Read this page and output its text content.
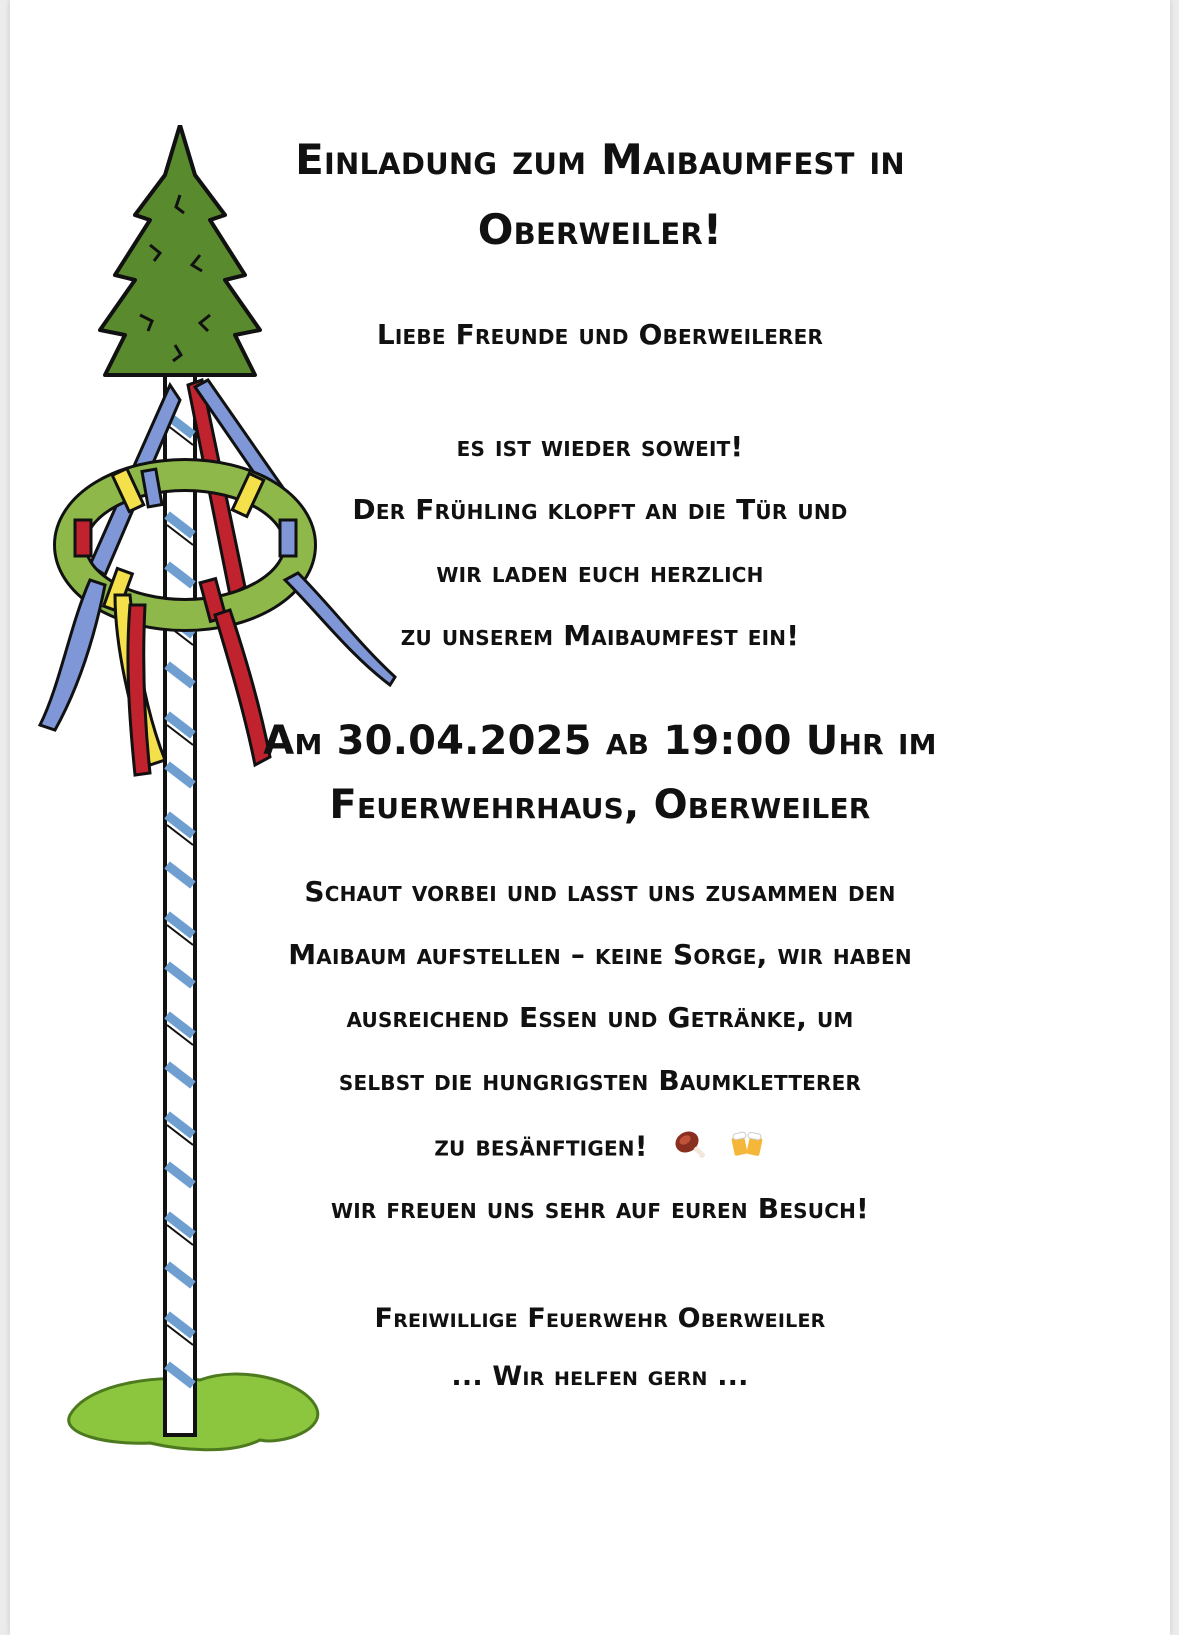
Einladung zum Maibaumfest in
Oberweiler!
Liebe Freunde und Oberweilerer
es ist wieder soweit!
Der Frühling klopft an die Tür und
wir laden euch herzlich
zu unserem Maibaumfest ein!
Am 30.04.2025 ab 19:00 Uhr im
Feuerwehrhaus, Oberweiler
Schaut vorbei und lasst uns zusammen den
Maibaum aufstellen – keine Sorge, wir haben
ausreichend Essen und Getränke, um
selbst die hungrigsten Baumkletterer
zu besänftigen!
wir freuen uns sehr auf euren Besuch!
Freiwillige Feuerwehr Oberweiler
... Wir helfen gern ...
